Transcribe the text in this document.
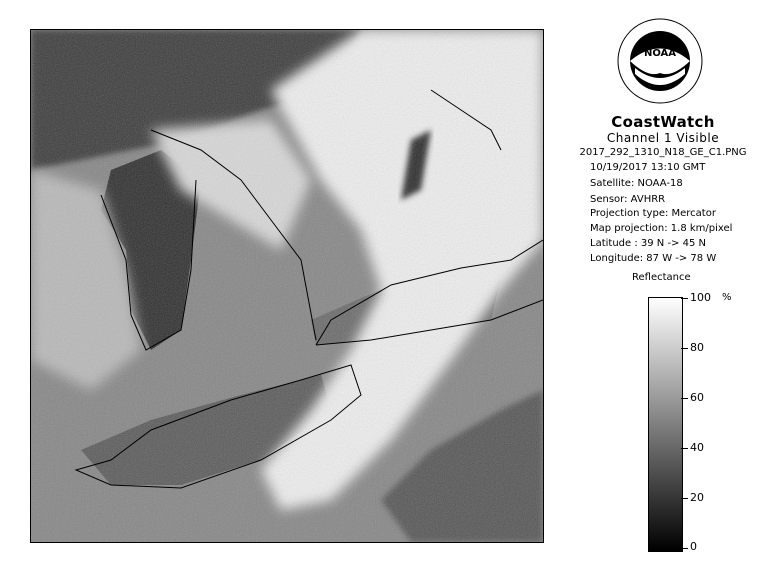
NOAA
CoastWatch
Channel 1 Visible
2017_292_1310_N18_GE_C1.PNG
10/19/2017 13:10 GMT
Satellite: NOAA-18
Sensor: AVHRR
Projection type: Mercator
Map projection: 1.8 km/pixel
Latitude : 39 N -> 45 N
Longitude: 87 W -> 78 W
Reflectance
%
100
80
60
40
20
0
